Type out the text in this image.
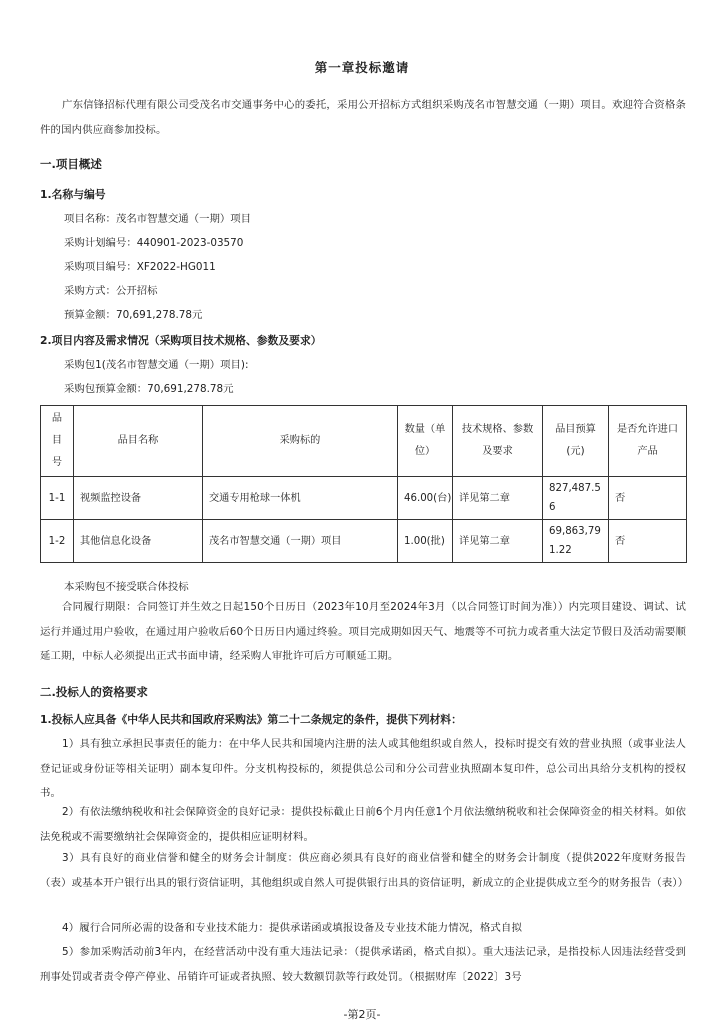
第一章投标邀请
广东信锋招标代理有限公司受茂名市交通事务中心的委托，采用公开招标方式组织采购茂名市智慧交通（一期）项目。欢迎符合资格条件的国内供应商参加投标。
一.项目概述
1.名称与编号
项目名称：茂名市智慧交通（一期）项目
采购计划编号：440901-2023-03570
采购项目编号：XF2022-HG011
采购方式：公开招标
预算金额：70,691,278.78元
2.项目内容及需求情况（采购项目技术规格、参数及要求）
采购包1(茂名市智慧交通（一期）项目):
采购包预算金额：70,691,278.78元
品目号	品目名称	采购标的	数量（单位）	技术规格、参数及要求	品目预算(元)	是否允许进口产品
1-1	视频监控设备	交通专用枪球一体机	46.00(台)	详见第二章	827,487.56	否
1-2	其他信息化设备	茂名市智慧交通（一期）项目	1.00(批)	详见第二章	69,863,791.22	否
本采购包不接受联合体投标
合同履行期限：合同签订并生效之日起150个日历日（2023年10月至2024年3月（以合同签订时间为准））内完项目建设、调试、试运行并通过用户验收，在通过用户验收后60个日历日内通过终验。项目完成期如因天气、地震等不可抗力或者重大法定节假日及活动需要顺延工期，中标人必须提出正式书面申请，经采购人审批许可后方可顺延工期。
二.投标人的资格要求
1.投标人应具备《中华人民共和国政府采购法》第二十二条规定的条件，提供下列材料：
1）具有独立承担民事责任的能力：在中华人民共和国境内注册的法人或其他组织或自然人，投标时提交有效的营业执照（或事业法人登记证或身份证等相关证明）副本复印件。分支机构投标的，须提供总公司和分公司营业执照副本复印件，总公司出具给分支机构的授权书。
2）有依法缴纳税收和社会保障资金的良好记录：提供投标截止日前6个月内任意1个月依法缴纳税收和社会保障资金的相关材料。如依法免税或不需要缴纳社会保障资金的，提供相应证明材料。
3）具有良好的商业信誉和健全的财务会计制度：供应商必须具有良好的商业信誉和健全的财务会计制度（提供2022年度财务报告（表）或基本开户银行出具的银行资信证明，其他组织或自然人可提供银行出具的资信证明，新成立的企业提供成立至今的财务报告（表））
4）履行合同所必需的设备和专业技术能力：提供承诺函或填报设备及专业技术能力情况，格式自拟
5）参加采购活动前3年内，在经营活动中没有重大违法记录：（提供承诺函，格式自拟）。重大违法记录，是指投标人因违法经营受到刑事处罚或者责令停产停业、吊销许可证或者执照、较大数额罚款等行政处罚。（根据财库〔2022〕3号
-第2页-
